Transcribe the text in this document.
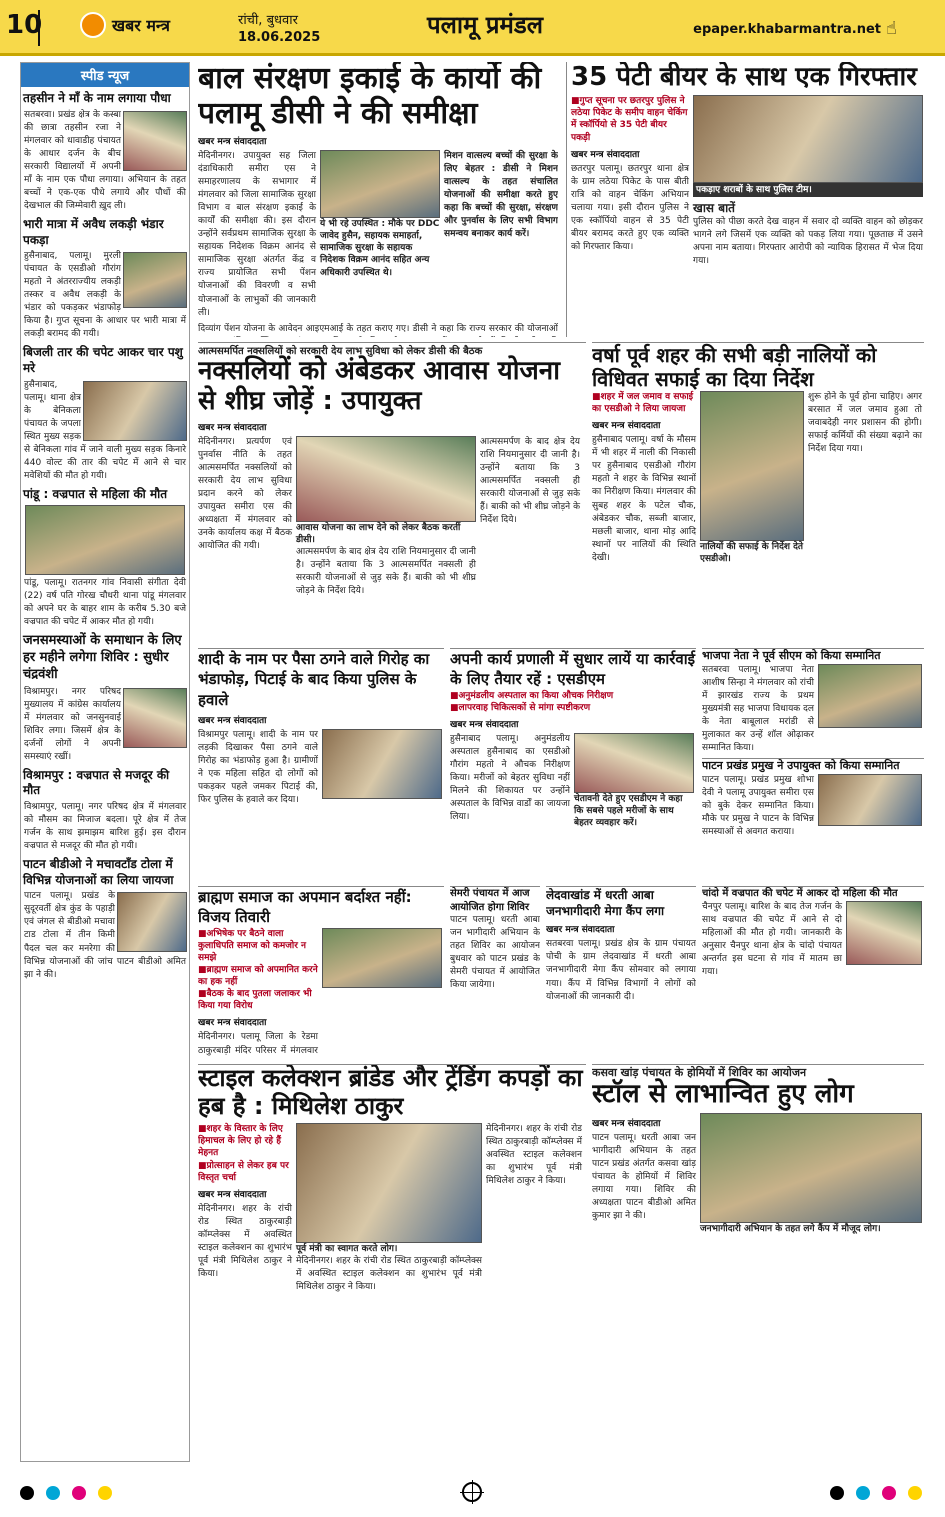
10	खबर मन्त्र	रांची, बुधवार
18.06.2025	पलामू प्रमंडल	epaper.khabarmantra.net ☝
स्पीड न्यूज
तहसीन ने माँ के नाम लगाया पौधा
सतबरवा। प्रखंड क्षेत्र के कस्बा की छात्रा तहसीन रजा ने मंगलवार को धावाडीह पंचायत के आधार दर्जन के बीच सरकारी विद्यालयों में अपनी माँ के नाम एक पौधा लगाया। अभियान के तहत बच्चों ने एक-एक पौधे लगाये और पौधों की देखभाल की जिम्मेवारी ख़ुद ली।
भारी मात्रा में अवैध लकड़ी भंडार पकड़ा
हुसैनाबाद, पलामू। मुरली पंचायत के एसडीओ गौरांग महतो ने अंतरराज्यीय लकड़ी तस्कर व अवैध लकड़ी के भंडार को पकड़कर भंडाफोड़ किया है। गुप्त सूचना के आधार पर भारी मात्रा में लकड़ी बरामद की गयी।
बिजली तार की चपेट आकर चार पशु मरे
हुसैनाबाद, पलामू। थाना क्षेत्र के बेनिकला पंचायत के जपला स्थित मुख्य सड़क से बेनिकला गांव में जाने वाली मुख्य सड़क किनारे 440 वोल्ट की तार की चपेट में आने से चार मवेशियों की मौत हो गयी।
पांडू : वज्रपात से महिला की मौत
पांडू, पलामू। रातनगर गांव निवासी संगीता देवी (22) वर्ष पति गोरख चौधरी थाना पांडू मंगलवार को अपने घर के बाहर शाम के करीब 5.30 बजे वज्रपात की चपेट में आकर मौत हो गयी।
जनसमस्याओं के समाधान के लिए हर महीने लगेगा शिविर : सुधीर चंद्रवंशी
विश्रामपुर। नगर परिषद मुख्यालय में कांग्रेस कार्यालय में मंगलवार को जनसुनवाई शिविर लगा। जिसमें क्षेत्र के दर्जनों लोगों ने अपनी समस्याएं रखीं।
विश्रामपुर : वज्रपात से मजदूर की मौत
विश्रामपुर, पलामू। नगर परिषद क्षेत्र में मंगलवार को मौसम का मिजाज बदला। पूरे क्षेत्र में तेज गर्जन के साथ झमाझम बारिश हुई। इस दौरान वज्रपात से मजदूर की मौत हो गयी।
पाटन बीडीओ ने मचावटाँड टोला में विभिन्न योजनाओं का लिया जायजा
पाटन पलामू। प्रखंड के सुदूरवर्ती क्षेत्र कुंड के पहाड़ी एवं जंगल से बीडीओ मचावा टाड टोला में तीन किमी पैदल चल कर मनरेगा की विभिन्न योजनाओं की जांच पाटन बीडीओ अमित झा ने की।
बाल संरक्षण इकाई के कार्यो की पलामू डीसी ने की समीक्षा
खबर मन्त्र संवाददाता
मेदिनीनगर। उपायुक्त सह जिला दंडाधिकारी समीरा एस ने समाहरणालय के सभागार में मंगलवार को जिला सामाजिक सुरक्षा विभाग व बाल संरक्षण इकाई के कार्यों की समीक्षा की। इस दौरान उन्होंने सर्वप्रथम सामाजिक सुरक्षा के सहायक निदेशक विक्रम आनंद से सामाजिक सुरक्षा अंतर्गत केंद्र व राज्य प्रायोजित सभी पेंशन योजनाओं की विवरणी व सभी योजनाओं के लाभुकों की जानकारी ली।
ये भी रहे उपस्थित : मौके पर DDC जावेद हुसैन, सहायक समाहर्ता, सामाजिक सुरक्षा के सहायक निदेशक विक्रम आनंद सहित अन्य अधिकारी उपस्थित थे।
मिशन वात्सल्य बच्चों की सुरक्षा के लिए बेहतर : डीसी ने मिशन वात्सल्य के तहत संचालित योजनाओं की समीक्षा करते हुए कहा कि बच्चों की सुरक्षा, संरक्षण और पुनर्वास के लिए सभी विभाग समन्वय बनाकर कार्य करें।
दिव्यांग पेंशन योजना के आवेदन आइएमआई के तहत कराए गए। डीसी ने कहा कि राज्य सरकार की योजनाओं
35 पेटी बीयर के साथ एक गिरफ्तार
■ गुप्त सूचना पर छतरपुर पुलिस ने लठेया पिकेट के समीप वाहन चेकिंग में स्कॉर्पियो से 35 पेटी बीयर पकड़ी
खबर मन्त्र संवाददाता
छतरपुर पलामू। छतरपुर थाना क्षेत्र के ग्राम लठेया पिकेट के पास बीती रात्रि को वाहन चेकिंग अभियान चलाया गया। इसी दौरान पुलिस ने एक स्कॉर्पियो वाहन से 35 पेटी बीयर बरामद करते हुए एक व्यक्ति को गिरफ्तार किया।
पकड़ाए शराबों के साथ पुलिस टीम।
खास बातें
पुलिस को पीछा करते देख वाहन में सवार दो व्यक्ति वाहन को छोड़कर भागने लगे जिसमें एक व्यक्ति को पकड़ लिया गया। पूछताछ में उसने अपना नाम बताया। गिरफ्तार आरोपी को न्यायिक हिरासत में भेज दिया गया।
आत्मसमर्पित नक्सलियों को सरकारी देय लाभ सुविधा को लेकर डीसी की बैठक
नक्सलियों को अंबेडकर आवास योजना से शीघ्र जोड़ें : उपायुक्त
खबर मन्त्र संवाददाता
मेदिनीनगर। प्रत्यर्पण एवं पुनर्वास नीति के तहत आत्मसमर्पित नक्सलियों को सरकारी देय लाभ सुविधा प्रदान करने को लेकर उपायुक्त समीरा एस की अध्यक्षता में मंगलवार को उनके कार्यालय कक्ष में बैठक आयोजित की गयी।
आवास योजना का लाभ देने को लेकर बैठक करतीं डीसी।
आत्मसमर्पण के बाद क्षेत्र देय राशि नियमानुसार दी जानी है। उन्होंने बताया कि 3 आत्मसमर्पित नक्सली ही सरकारी योजनाओं से जुड़ सके हैं। बाकी को भी शीघ्र जोड़ने के निर्देश दिये।
आत्मसमर्पण के बाद क्षेत्र देय राशि नियमानुसार दी जानी है। उन्होंने बताया कि 3 आत्मसमर्पित नक्सली ही सरकारी योजनाओं से जुड़ सके हैं। बाकी को भी शीघ्र जोड़ने के निर्देश दिये।
वर्षा पूर्व शहर की सभी बड़ी नालियों को विधिवत सफाई का दिया निर्देश
■ शहर में जल जमाव व सफाई का एसडीओ ने लिया जायजा
खबर मन्त्र संवाददाता
हुसैनाबाद पलामू। वर्षा के मौसम में भी शहर में नाली की निकासी पर हुसैनाबाद एसडीओ गौरांग महतो ने शहर के विभिन्न स्थानों का निरीक्षण किया। मंगलवार की सुबह शहर के पटेल चौक, अंबेडकर चौक, सब्जी बाजार, मछली बाजार, थाना मोड़ आदि स्थानों पर नालियों की स्थिति देखी।
नालियों की सफाई के निर्देश देते एसडीओ।
शुरू होने के पूर्व होना चाहिए। अगर बरसात में जल जमाव हुआ तो जवाबदेही नगर प्रशासन की होगी। सफाई कर्मियों की संख्या बढ़ाने का निर्देश दिया गया।
शादी के नाम पर पैसा ठगने वाले गिरोह का भंडाफोड़, पिटाई के बाद किया पुलिस के हवाले
खबर मन्त्र संवाददाता
विश्रामपुर पलामू। शादी के नाम पर लड़की दिखाकर पैसा ठगने वाले गिरोह का भंडाफोड़ हुआ है। ग्रामीणों ने एक महिला सहित दो लोगों को पकड़कर पहले जमकर पिटाई की, फिर पुलिस के हवाले कर दिया।
अपनी कार्य प्रणाली में सुधार लायें या कार्रवाई के लिए तैयार रहें : एसडीएम
■ अनुमंडलीय अस्पताल का किया औचक निरीक्षण
■ लापरवाह चिकित्सकों से मांगा स्पष्टीकरण
खबर मन्त्र संवाददाता
हुसैनाबाद पलामू। अनुमंडलीय अस्पताल हुसैनाबाद का एसडीओ गौरांग महतो ने औचक निरीक्षण किया। मरीजों को बेहतर सुविधा नहीं मिलने की शिकायत पर उन्होंने अस्पताल के विभिन्न वार्डों का जायजा लिया।
चेतावनी देते हुए एसडीएम ने कहा कि सबसे पहले मरीजों के साथ बेहतर व्यवहार करें।
भाजपा नेता ने पूर्व सीएम को किया सम्मानित
सतबरवा पलामू। भाजपा नेता आशीष सिन्हा ने मंगलवार को रांची में झारखंड राज्य के प्रथम मुख्यमंत्री सह भाजपा विधायक दल के नेता बाबूलाल मरांडी से मुलाकात कर उन्हें शॉल ओढ़ाकर सम्मानित किया।
पाटन प्रखंड प्रमुख ने उपायुक्त को किया सम्मानित
पाटन पलामू। प्रखंड प्रमुख शोभा देवी ने पलामू उपायुक्त समीरा एस को बुके देकर सम्मानित किया। मौके पर प्रमुख ने पाटन के विभिन्न समस्याओं से अवगत कराया।
ब्राह्मण समाज का अपमान बर्दाश्त नहीं: विजय तिवारी
■ अभिषेक पर बैठने वाला कुलाधिपति समाज को कमजोर न समझे
■ ब्राह्मण समाज को अपमानित करने का हक नहीं
■ बैठक के बाद पुतला जलाकर भी किया गया विरोध
खबर मन्त्र संवाददाता
मेदिनीनगर। पलामू जिला के रेडमा ठाकुरबाड़ी मंदिर परिसर में मंगलवार
सेमरी पंचायत में आज आयोजित होगा शिविर
पाटन पलामू। धरती आबा जन भागीदारी अभियान के तहत शिविर का आयोजन बुधवार को पाटन प्रखंड के सेमरी पंचायत में आयोजित किया जायेगा।
लेदवाखांड में धरती आबा जनभागीदारी मेगा कैंप लगा
खबर मन्त्र संवाददाता
सतबरवा पलामू। प्रखंड क्षेत्र के ग्राम पंचायत पोची के ग्राम लेदवाखांड में धरती आबा जनभागीदारी मेगा कैंप सोमवार को लगाया गया। कैंप में विभिन्न विभागों ने लोगों को योजनाओं की जानकारी दी।
चांदो में वज्रपात की चपेट में आकर दो महिला की मौत
चैनपुर पलामू। बारिश के बाद तेज गर्जन के साथ वज्रपात की चपेट में आने से दो महिलाओं की मौत हो गयी। जानकारी के अनुसार चैनपुर थाना क्षेत्र के चांदो पंचायत अन्तर्गत इस घटना से गांव में मातम छा गया।
स्टाइल कलेक्शन ब्रांडेड और ट्रेंडिंग कपड़ों का हब है : मिथिलेश ठाकुर
■ शहर के विस्तार के लिए हिमाचल के लिए हो रहे हैं मेहनत
■ प्रोत्साहन से लेकर हब पर विस्तृत चर्चा
खबर मन्त्र संवाददाता
मेदिनीनगर। शहर के रांची रोड स्थित ठाकुरबाड़ी कॉम्प्लेक्स में अवस्थित स्टाइल कलेक्शन का शुभारंभ पूर्व मंत्री मिथिलेश ठाकुर ने किया।
पूर्व मंत्री का स्वागत करते लोग।
मेदिनीनगर। शहर के रांची रोड स्थित ठाकुरबाड़ी कॉम्प्लेक्स में अवस्थित स्टाइल कलेक्शन का शुभारंभ पूर्व मंत्री मिथिलेश ठाकुर ने किया।
मेदिनीनगर। शहर के रांची रोड स्थित ठाकुरबाड़ी कॉम्प्लेक्स में अवस्थित स्टाइल कलेक्शन का शुभारंभ पूर्व मंत्री मिथिलेश ठाकुर ने किया।
कसवा खांड़ पंचायत के होमियों में शिविर का आयोजन
स्टॉल से लाभान्वित हुए लोग
खबर मन्त्र संवाददाता
पाटन पलामू। धरती आबा जन भागीदारी अभियान के तहत पाटन प्रखंड अंतर्गत कसवा खांड़ पंचायत के होमियों में शिविर लगाया गया। शिविर की अध्यक्षता पाटन बीडीओ अमित कुमार झा ने की।
जनभागीदारी अभियान के तहत लगे कैंप में मौजूद लोग।
